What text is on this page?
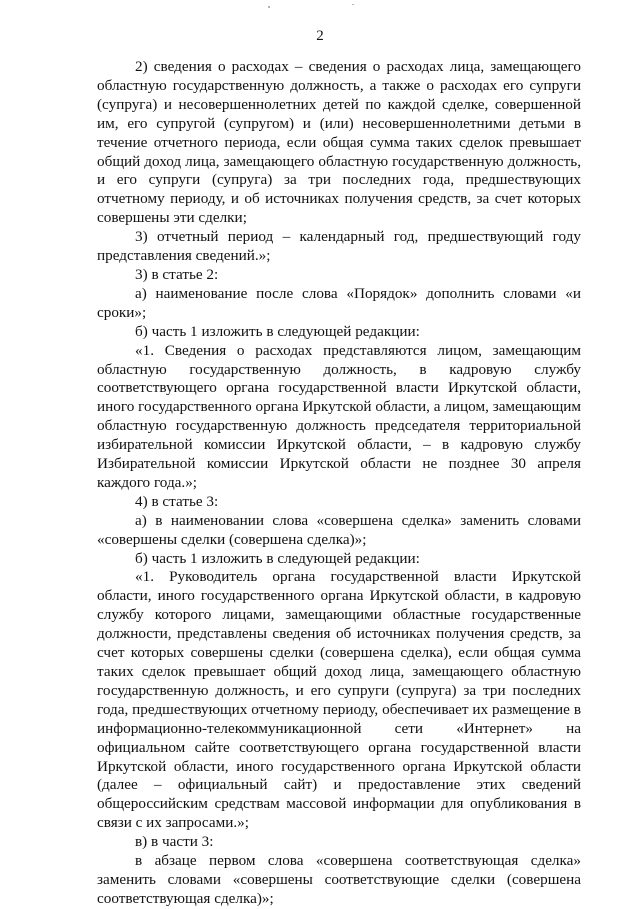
2

2) сведения о расходах – сведения о расходах лица, замещающего областную государственную должность, а также о расходах его супруги (супруга) и несовершеннолетних детей по каждой сделке, совершенной им, его супругой (супругом) и (или) несовершеннолетними детьми в течение отчетного периода, если общая сумма таких сделок превышает общий доход лица, замещающего областную государственную должность, и его супруги (супруга) за три последних года, предшествующих отчетному периоду, и об источниках получения средств, за счет которых совершены эти сделки;

3) отчетный период – календарный год, предшествующий году представления сведений.»;

3) в статье 2:

а) наименование после слова «Порядок» дополнить словами «и сроки»;

б) часть 1 изложить в следующей редакции:

«1. Сведения о расходах представляются лицом, замещающим областную государственную должность, в кадровую службу соответствующего органа государственной власти Иркутской области, иного государственного органа Иркутской области, а лицом, замещающим областную государственную должность председателя территориальной избирательной комиссии Иркутской области, – в кадровую службу Избирательной комиссии Иркутской области не позднее 30 апреля каждого года.»;

4) в статье 3:

а) в наименовании слова «совершена сделка» заменить словами «совершены сделки (совершена сделка)»;

б) часть 1 изложить в следующей редакции:

«1. Руководитель органа государственной власти Иркутской области, иного государственного органа Иркутской области, в кадровую службу которого лицами, замещающими областные государственные должности, представлены сведения об источниках получения средств, за счет которых совершены сделки (совершена сделка), если общая сумма таких сделок превышает общий доход лица, замещающего областную государственную должность, и его супруги (супруга) за три последних года, предшествующих отчетному периоду, обеспечивает их размещение в информационно-телекоммуникационной сети «Интернет» на официальном сайте соответствующего органа государственной власти Иркутской области, иного государственного органа Иркутской области (далее – официальный сайт) и предоставление этих сведений общероссийским средствам массовой информации для опубликования в связи с их запросами.»;

в) в части 3:

в абзаце первом слова «совершена соответствующая сделка» заменить словами «совершены соответствующие сделки (совершена соответствующая сделка)»;
